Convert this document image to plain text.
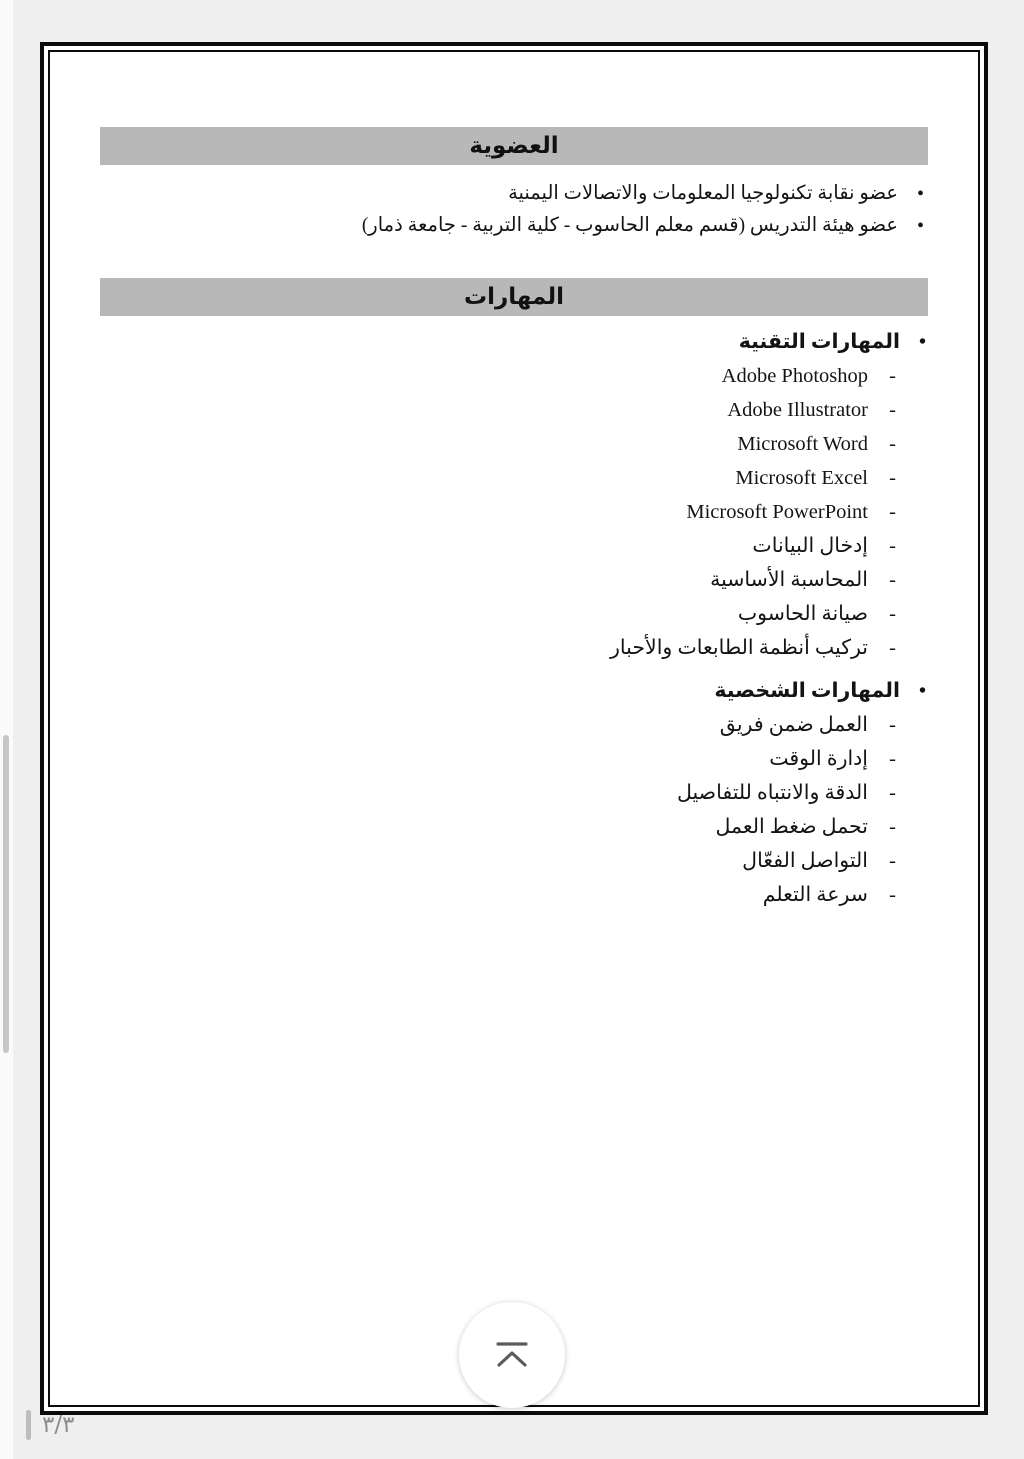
العضوية
• عضو نقابة تكنولوجيا المعلومات والاتصالات اليمنية
• عضو هيئة التدريس (قسم معلم الحاسوب - كلية التربية - جامعة ذمار)
المهارات
• المهارات التقنية
- Adobe Photoshop
- Adobe Illustrator
- Microsoft Word
- Microsoft Excel
- Microsoft PowerPoint
- إدخال البيانات
- المحاسبة الأساسية
- صيانة الحاسوب
- تركيب أنظمة الطابعات والأحبار
• المهارات الشخصية
- العمل ضمن فريق
- إدارة الوقت
- الدقة والانتباه للتفاصيل
- تحمل ضغط العمل
- التواصل الفعّال
- سرعة التعلم
٣/٣
